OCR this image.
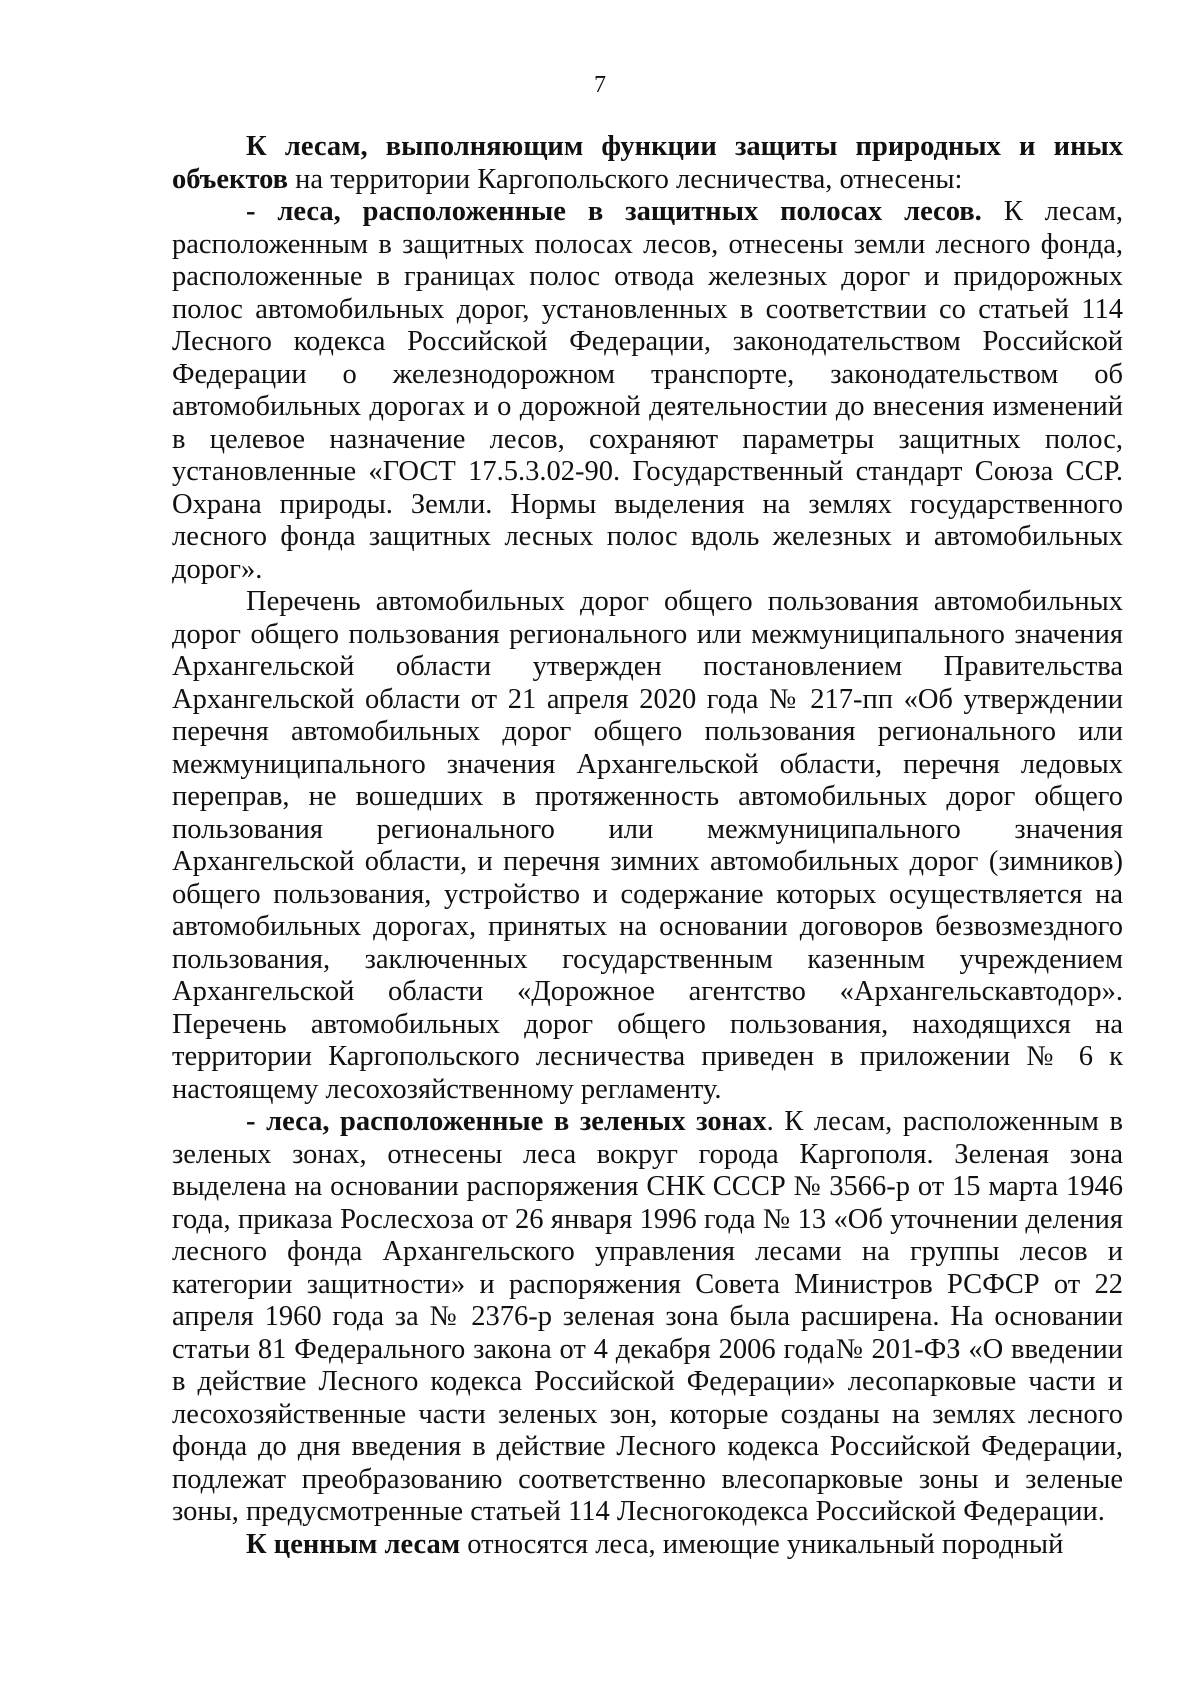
7

К лесам, выполняющим функции защиты природных и иных объектов на территории Каргопольского лесничества, отнесены:

- леса, расположенные в защитных полосах лесов. К лесам, расположенным в защитных полосах лесов, отнесены земли лесного фонда, расположенные в границах полос отвода железных дорог и придорожных полос автомобильных дорог, установленных в соответствии со статьей 114 Лесного кодекса Российской Федерации, законодательством Российской Федерации о железнодорожном транспорте, законодательством об автомобильных дорогах и о дорожной деятельностии до внесения изменений в целевое назначение лесов, сохраняют параметры защитных полос, установленные «ГОСТ 17.5.3.02-90. Государственный стандарт Союза ССР. Охрана природы. Земли. Нормы выделения на землях государственного лесного фонда защитных лесных полос вдоль железных и автомобильных дорог».

Перечень автомобильных дорог общего пользования автомобильных дорог общего пользования регионального или межмуниципального значения Архангельской области утвержден постановлением Правительства Архангельской области от 21 апреля 2020 года № 217-пп «Об утверждении перечня автомобильных дорог общего пользования регионального или межмуниципального значения Архангельской области, перечня ледовых переправ, не вошедших в протяженность автомобильных дорог общего пользования регионального или межмуниципального значения Архангельской области, и перечня зимних автомобильных дорог (зимников) общего пользования, устройство и содержание которых осуществляется на автомобильных дорогах, принятых на основании договоров безвозмездного пользования, заключенных государственным казенным учреждением Архангельской области «Дорожное агентство «Архангельскавтодор». Перечень автомобильных дорог общего пользования, находящихся на территории Каргопольского лесничества приведен в приложении № 6 к настоящему лесохозяйственному регламенту.

- леса, расположенные в зеленых зонах. К лесам, расположенным в зеленых зонах, отнесены леса вокруг города Каргополя. Зеленая зона выделена на основании распоряжения СНК СССР № 3566-р от 15 марта 1946 года, приказа Рослесхоза от 26 января 1996 года № 13 «Об уточнении деления лесного фонда Архангельского управления лесами на группы лесов и категории защитности» и распоряжения Совета Министров РСФСР от 22 апреля 1960 года за № 2376-р зеленая зона была расширена. На основании статьи 81 Федерального закона от 4 декабря 2006 года№ 201-ФЗ «О введении в действие Лесного кодекса Российской Федерации» лесопарковые части и лесохозяйственные части зеленых зон, которые созданы на землях лесного фонда до дня введения в действие Лесного кодекса Российской Федерации, подлежат преобразованию соответственно влесопарковые зоны и зеленые зоны, предусмотренные статьей 114 Лесногокодекса Российской Федерации.

К ценным лесам относятся леса, имеющие уникальный породный
